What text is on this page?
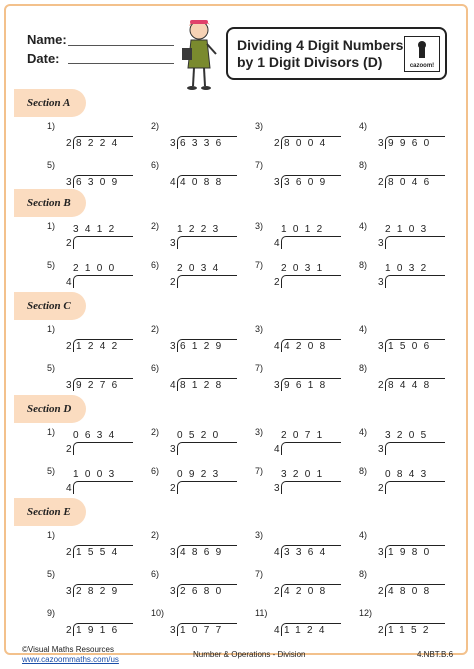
Name:
Date:
Dividing 4 Digit Numbers
by 1 Digit Divisors (D)	cazoom!
Section A
1)
2 8224
2)
3 6336
3)
2 8004
4)
3 9960
5)
3 6309
6)
4 4088
7)
3 3609
8)
2 8046
Section B
1) 3412
2
2) 1223
3
3) 1012
4
4) 2103
3
5) 2100
4
6) 2034
2
7) 2031
2
8) 1032
3
Section C
1)
2 1242
2)
3 6129
3)
4 4208
4)
3 1506
5)
3 9276
6)
4 8128
7)
3 9618
8)
2 8448
Section D
1) 0634
2
2) 0520
3
3) 2071
4
4) 3205
3
5) 1003
4
6) 0923
2
7) 3201
3
8) 0843
2
Section E
1)
2 1554
2)
3 4869
3)
4 3364
4)
3 1980
5)
3 2829
6)
3 2680
7)
2 4208
8)
2 4808
9)
2 1916
10)
3 1077
11)
4 1124
12)
2 1152
©Visual Maths Resources
www.cazoommaths.com/us
Number & Operations - Division	4.NBT.B.6
